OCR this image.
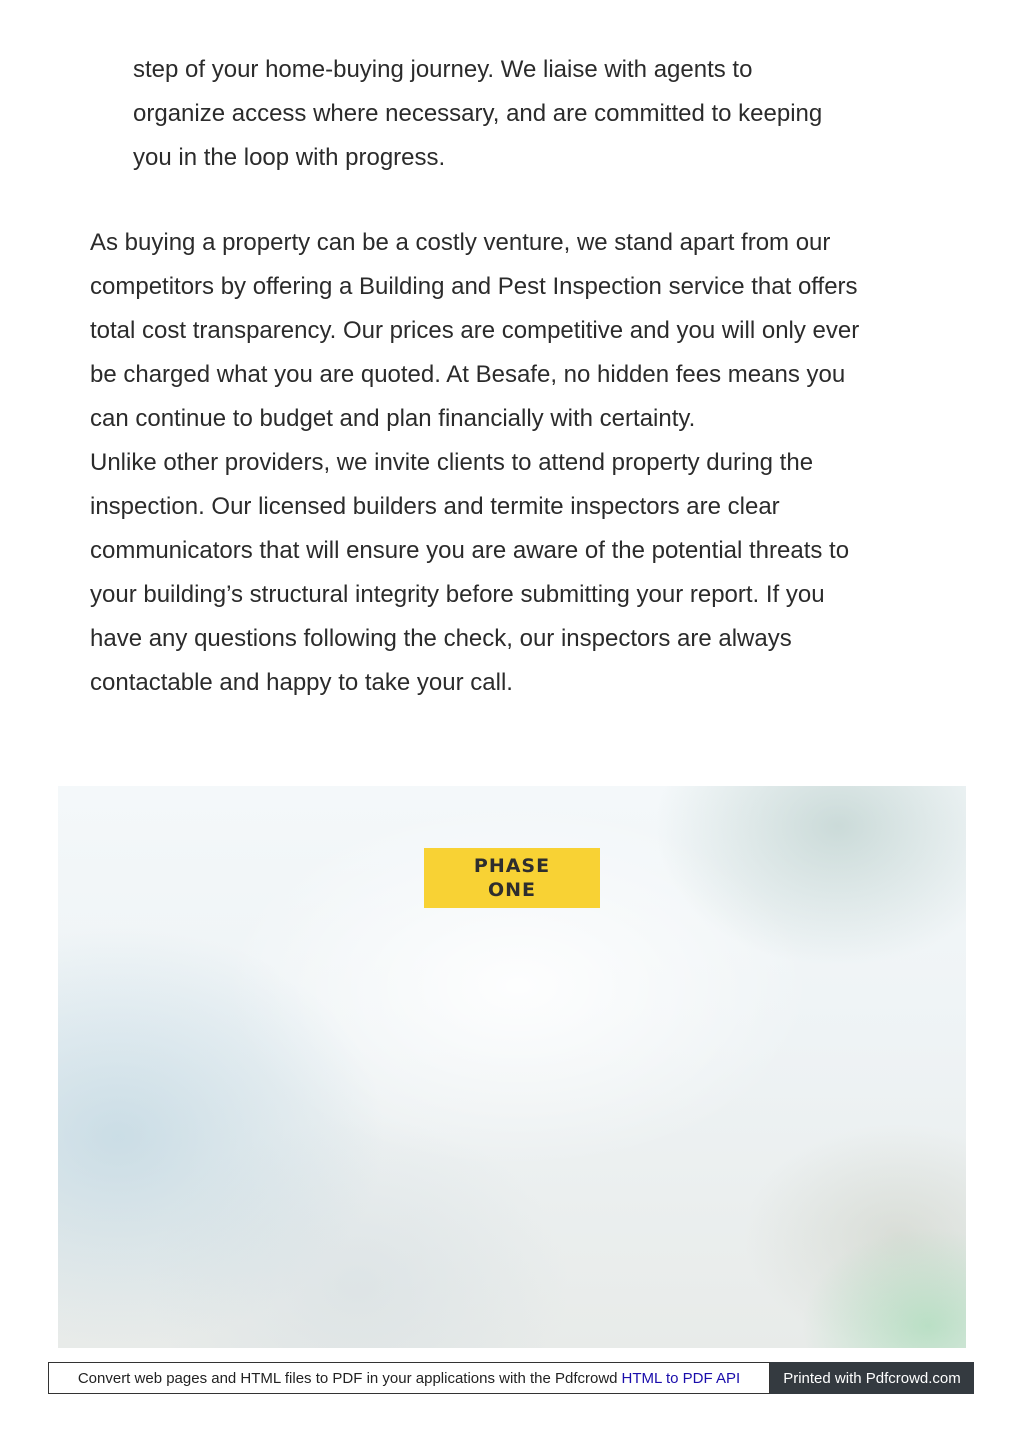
step of your home-buying journey. We liaise with agents to

organize access where necessary, and are committed to keeping

you in the loop with progress.

As buying a property can be a costly venture, we stand apart from our

competitors by offering a Building and Pest Inspection service that offers

total cost transparency. Our prices are competitive and you will only ever

be charged what you are quoted. At Besafe, no hidden fees means you

can continue to budget and plan financially with certainty.

Unlike other providers, we invite clients to attend property during the

inspection. Our licensed builders and termite inspectors are clear

communicators that will ensure you are aware of the potential threats to

your building’s structural integrity before submitting your report. If you

have any questions following the check, our inspectors are always

contactable and happy to take your call.

PHASE
ONE
Convert web pages and HTML files to PDF in your applications with the Pdfcrowd HTML to PDF API	Printed with Pdfcrowd.com
